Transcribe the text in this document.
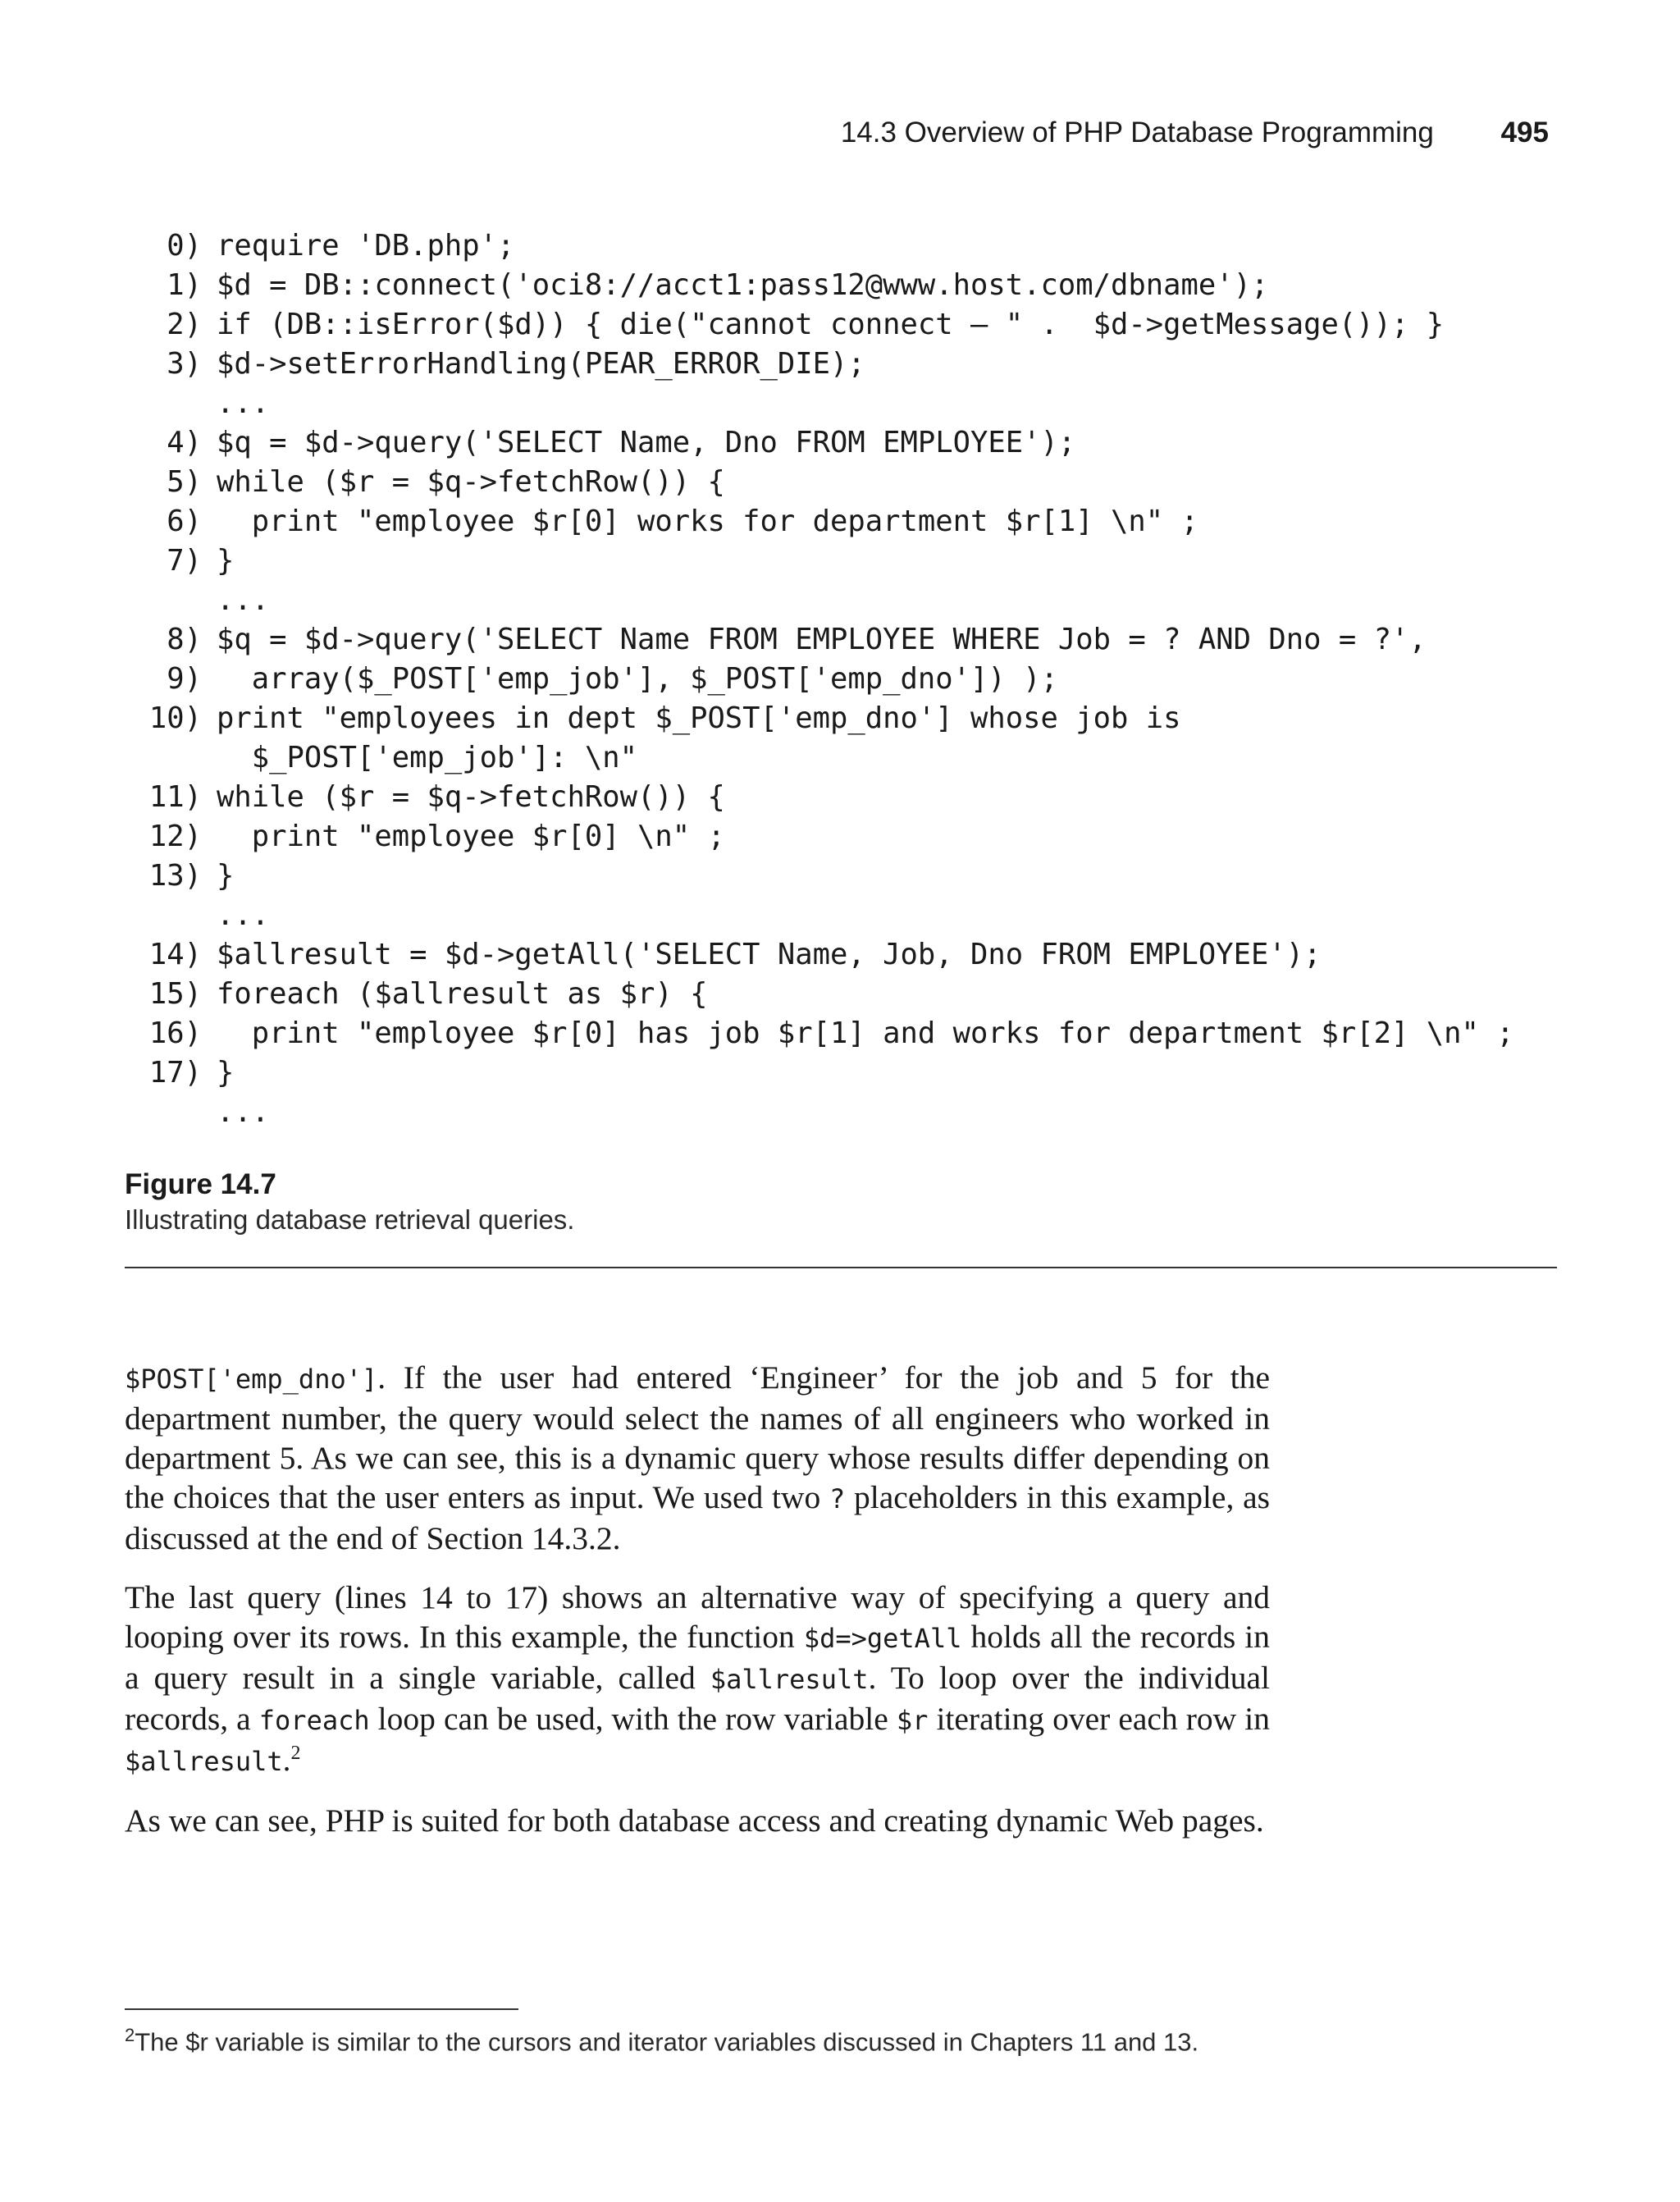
14.3 Overview of PHP Database Programming 495
0) require 'DB.php';
1) $d = DB::connect('oci8://acct1:pass12@www.host.com/dbname');
2) if (DB::isError($d)) { die("cannot connect – " .  $d->getMessage()); }
3) $d->setErrorHandling(PEAR_ERROR_DIE);
...
4) $q = $d->query('SELECT Name, Dno FROM EMPLOYEE');
5) while ($r = $q->fetchRow()) {
6) print "employee $r[0] works for department $r[1] \n" ;
7) }
...
8) $q = $d->query('SELECT Name FROM EMPLOYEE WHERE Job = ? AND Dno = ?',
9) array($_POST['emp_job'], $_POST['emp_dno']) );
10) print "employees in dept $_POST['emp_dno'] whose job is
$_POST['emp_job']: \n"
11) while ($r = $q->fetchRow()) {
12) print "employee $r[0] \n" ;
13) }
...
14) $allresult = $d->getAll('SELECT Name, Job, Dno FROM EMPLOYEE');
15) foreach ($allresult as $r) {
16) print "employee $r[0] has job $r[1] and works for department $r[2] \n" ;
17) }
...
Figure 14.7
Illustrating database retrieval queries.

$POST['emp_dno']. If the user had entered ‘Engineer’ for the job and 5 for the department number, the query would select the names of all engineers who worked in department 5. As we can see, this is a dynamic query whose results differ depending on the choices that the user enters as input. We used two ? placeholders in this example, as discussed at the end of Section 14.3.2.

The last query (lines 14 to 17) shows an alternative way of specifying a query and looping over its rows. In this example, the function $d=>getAll holds all the records in a query result in a single variable, called $allresult. To loop over the individual records, a foreach loop can be used, with the row variable $r iterating over each row in $allresult.$^2$

As we can see, PHP is suited for both database access and creating dynamic Web pages.

$^2$The $r variable is similar to the cursors and iterator variables discussed in Chapters 11 and 13.
